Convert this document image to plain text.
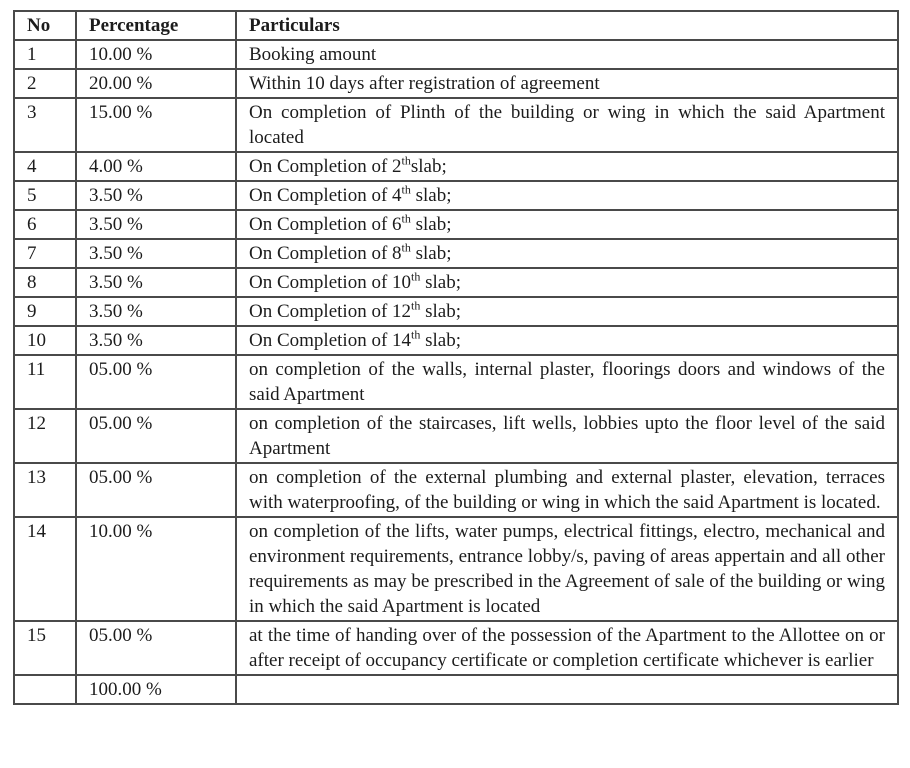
No	Percentage	Particulars
1	10.00 %	Booking amount
2	20.00 %	Within 10 days after registration of agreement
3	15.00 %	On completion of Plinth of the building or wing in which the said Apartment located
4	4.00 %	On Completion of 2thslab;
5	3.50 %	On Completion of 4th slab;
6	3.50 %	On Completion of 6th slab;
7	3.50 %	On Completion of 8th slab;
8	3.50 %	On Completion of 10th slab;
9	3.50 %	On Completion of 12th slab;
10	3.50 %	On Completion of 14th slab;
11	05.00 %	on completion of the walls, internal plaster, floorings doors and windows of the said Apartment
12	05.00 %	on completion of the staircases, lift wells, lobbies upto the floor level of the said Apartment
13	05.00 %	on completion of the external plumbing and external plaster, elevation, terraces with waterproofing, of the building or wing in which the said Apartment is located.
14	10.00 %	on completion of the lifts, water pumps, electrical fittings, electro, mechanical and environment requirements, entrance lobby/s, paving of areas appertain and all other requirements as may be prescribed in the Agreement of sale of the building or wing in which the said Apartment is located
15	05.00 %	at the time of handing over of the possession of the Apartment to the Allottee on or after receipt of occupancy certificate or completion certificate whichever is earlier
	100.00 %	
